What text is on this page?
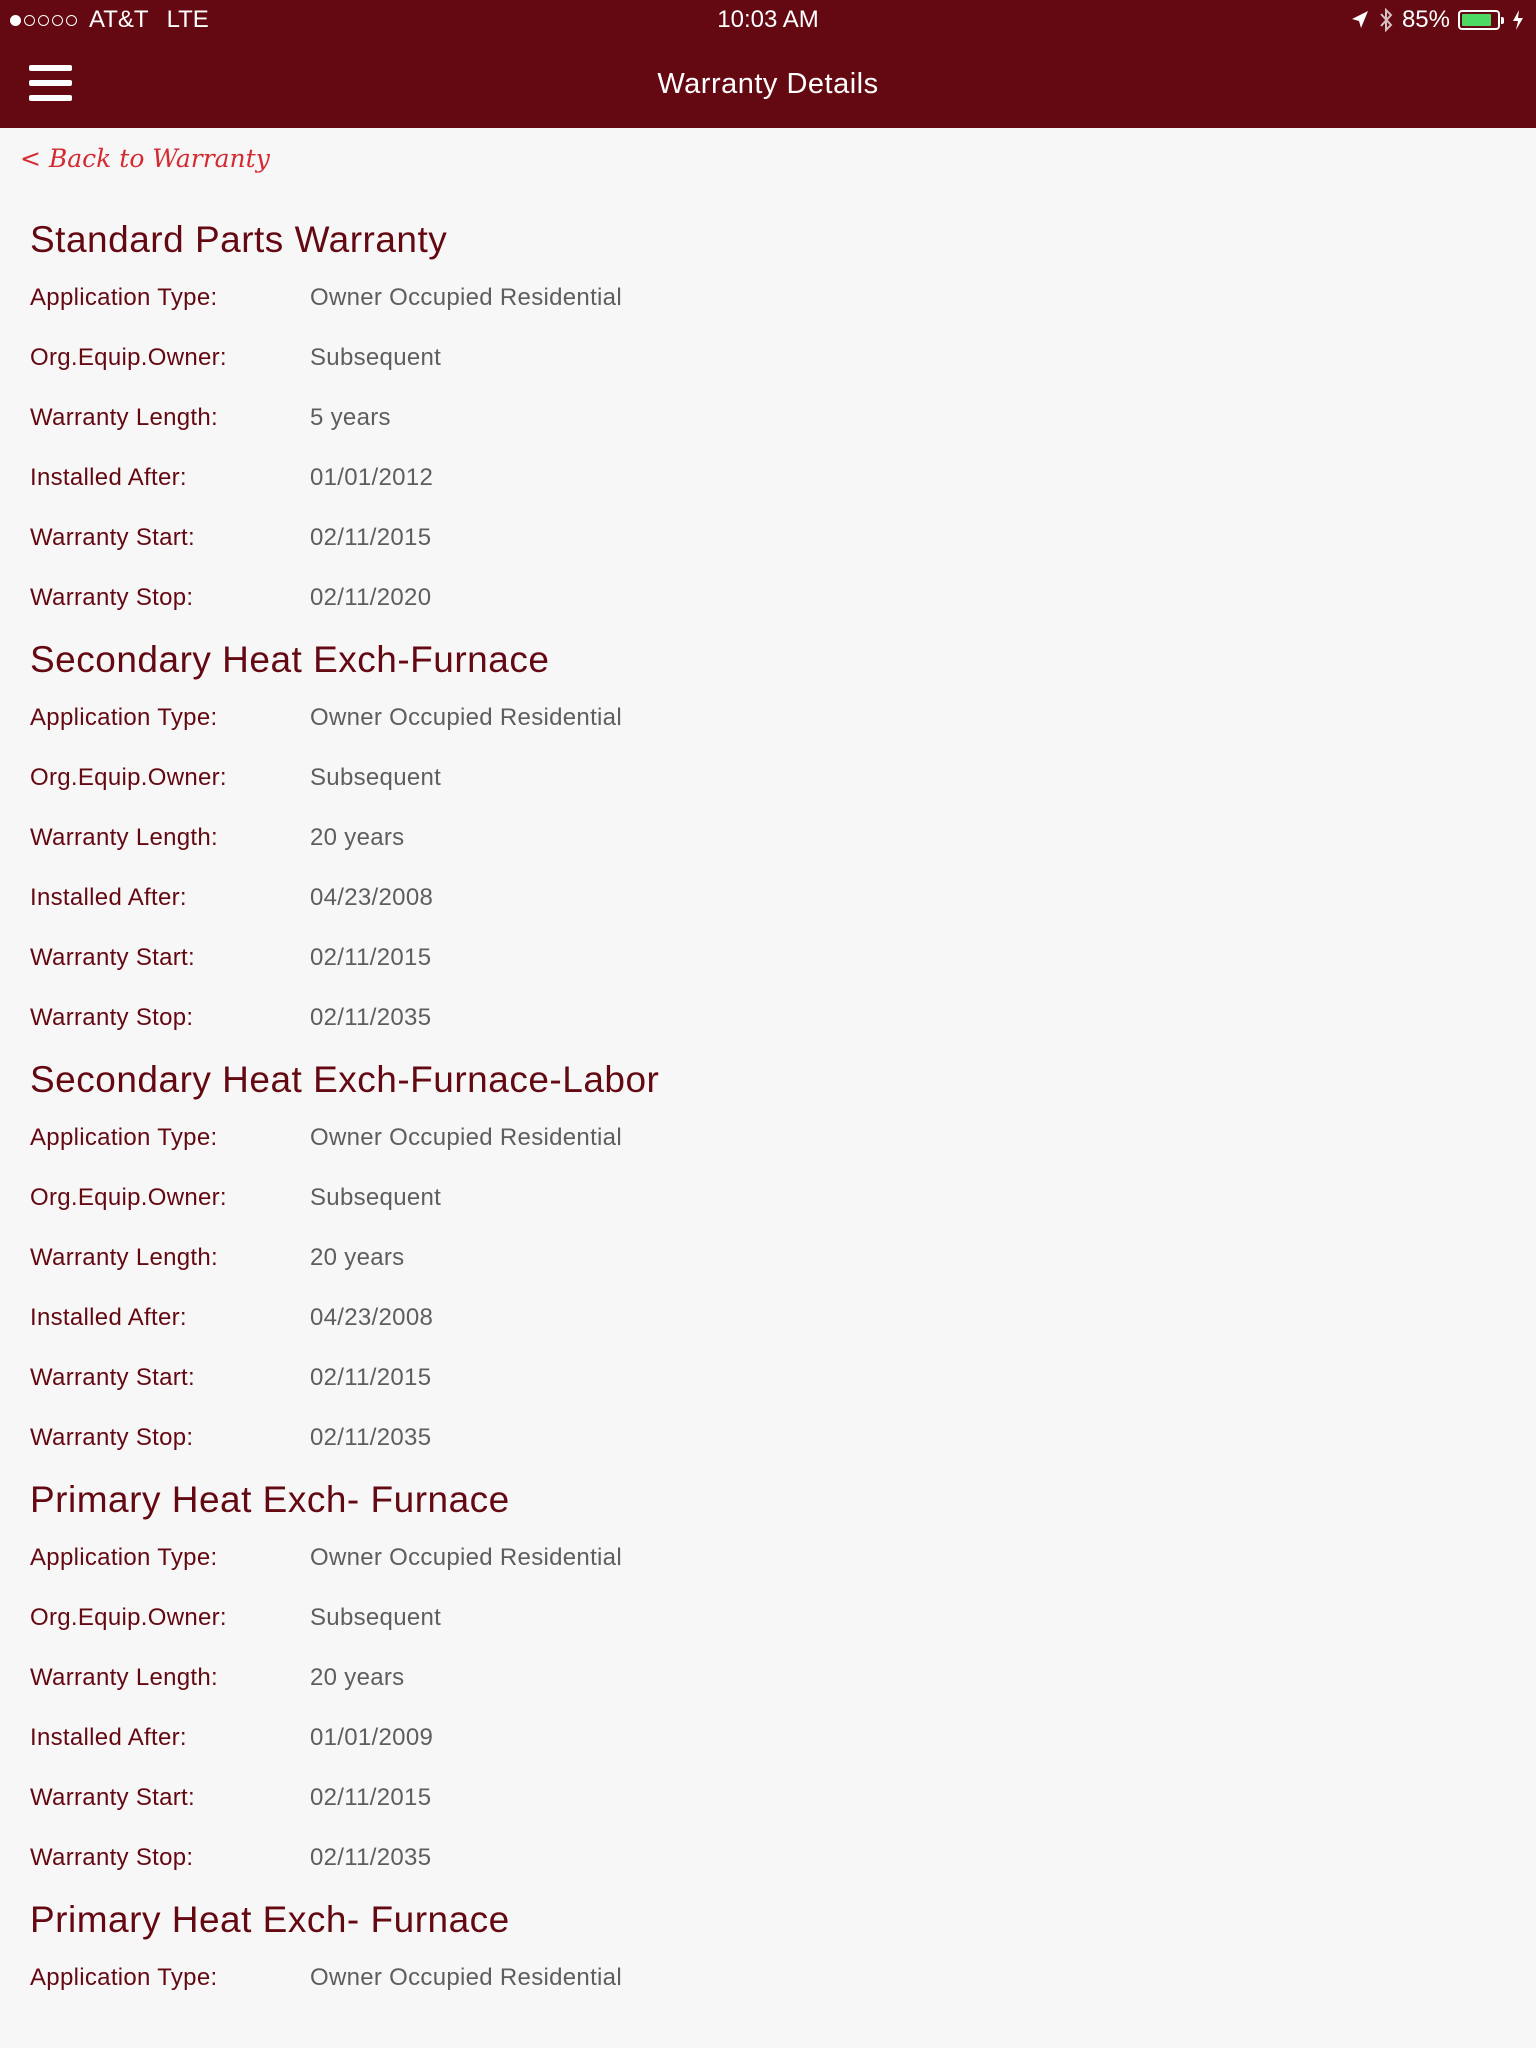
AT&T LTE	10:03 AM	85%
Warranty Details
< Back to Warranty
Standard Parts Warranty
Application Type:	Owner Occupied Residential
Org.Equip.Owner:	Subsequent
Warranty Length:	5 years
Installed After:	01/01/2012
Warranty Start:	02/11/2015
Warranty Stop:	02/11/2020
Secondary Heat Exch-Furnace
Application Type:	Owner Occupied Residential
Org.Equip.Owner:	Subsequent
Warranty Length:	20 years
Installed After:	04/23/2008
Warranty Start:	02/11/2015
Warranty Stop:	02/11/2035
Secondary Heat Exch-Furnace-Labor
Application Type:	Owner Occupied Residential
Org.Equip.Owner:	Subsequent
Warranty Length:	20 years
Installed After:	04/23/2008
Warranty Start:	02/11/2015
Warranty Stop:	02/11/2035
Primary Heat Exch- Furnace
Application Type:	Owner Occupied Residential
Org.Equip.Owner:	Subsequent
Warranty Length:	20 years
Installed After:	01/01/2009
Warranty Start:	02/11/2015
Warranty Stop:	02/11/2035
Primary Heat Exch- Furnace
Application Type:	Owner Occupied Residential
